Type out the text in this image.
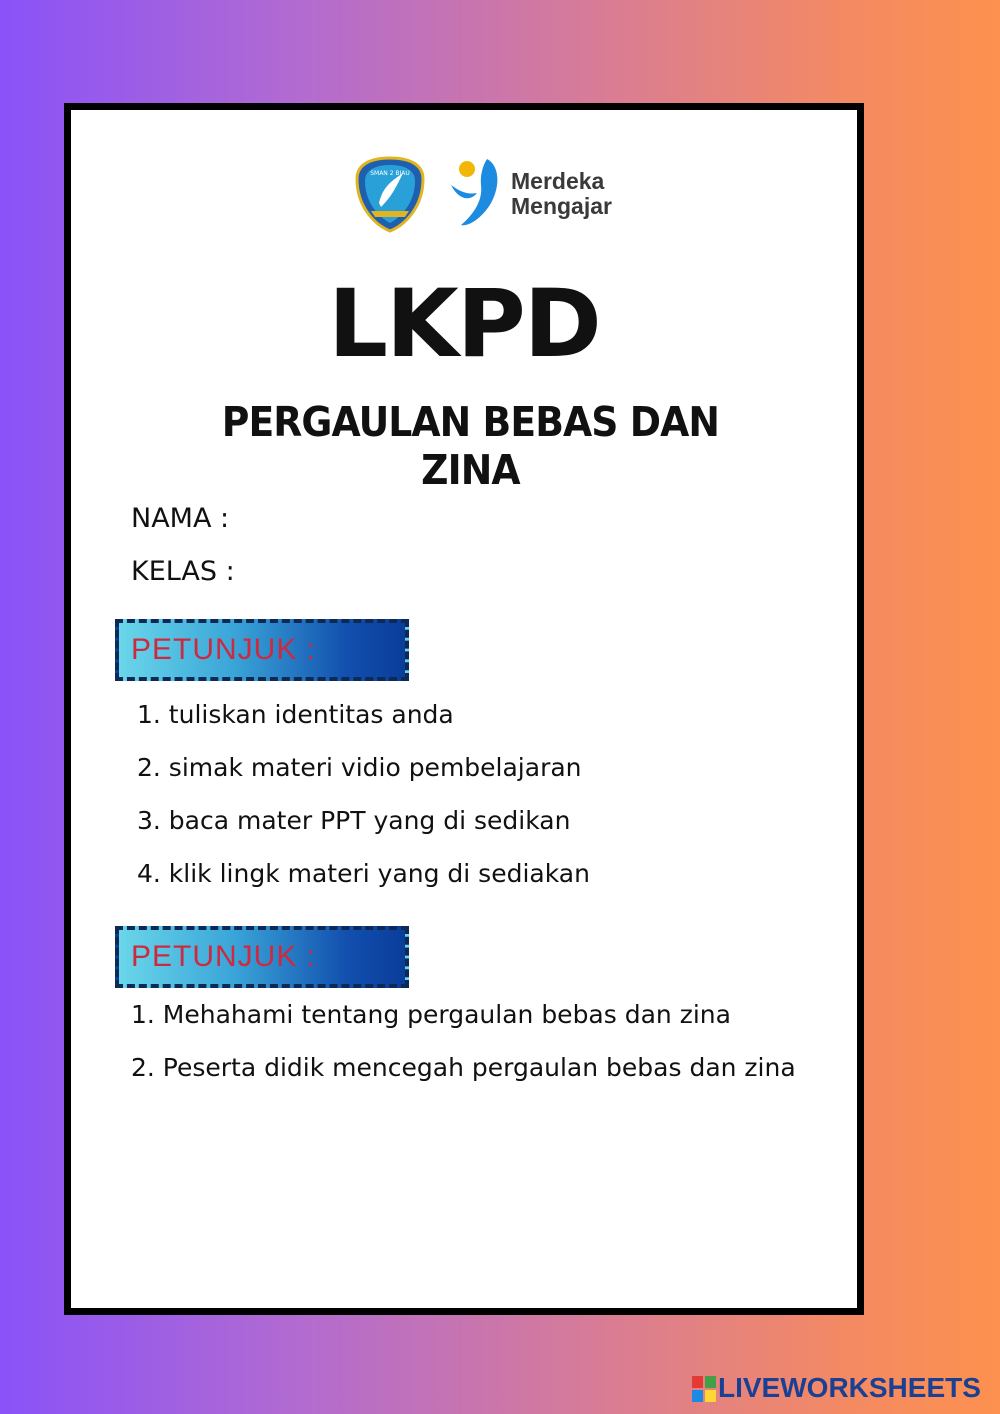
SMAN 2 BIAU	Merdeka
Mengajar
LKPD
PERGAULAN BEBAS DAN ZINA
NAMA :
KELAS :
PETUNJUK :
1. tuliskan identitas anda
2. simak materi vidio pembelajaran
3. baca mater PPT yang di sedikan
4. klik lingk materi yang di sediakan
PETUNJUK :
1. Mehahami tentang pergaulan bebas dan zina
2. Peserta didik mencegah pergaulan bebas dan zina
LIVEWORKSHEETS
